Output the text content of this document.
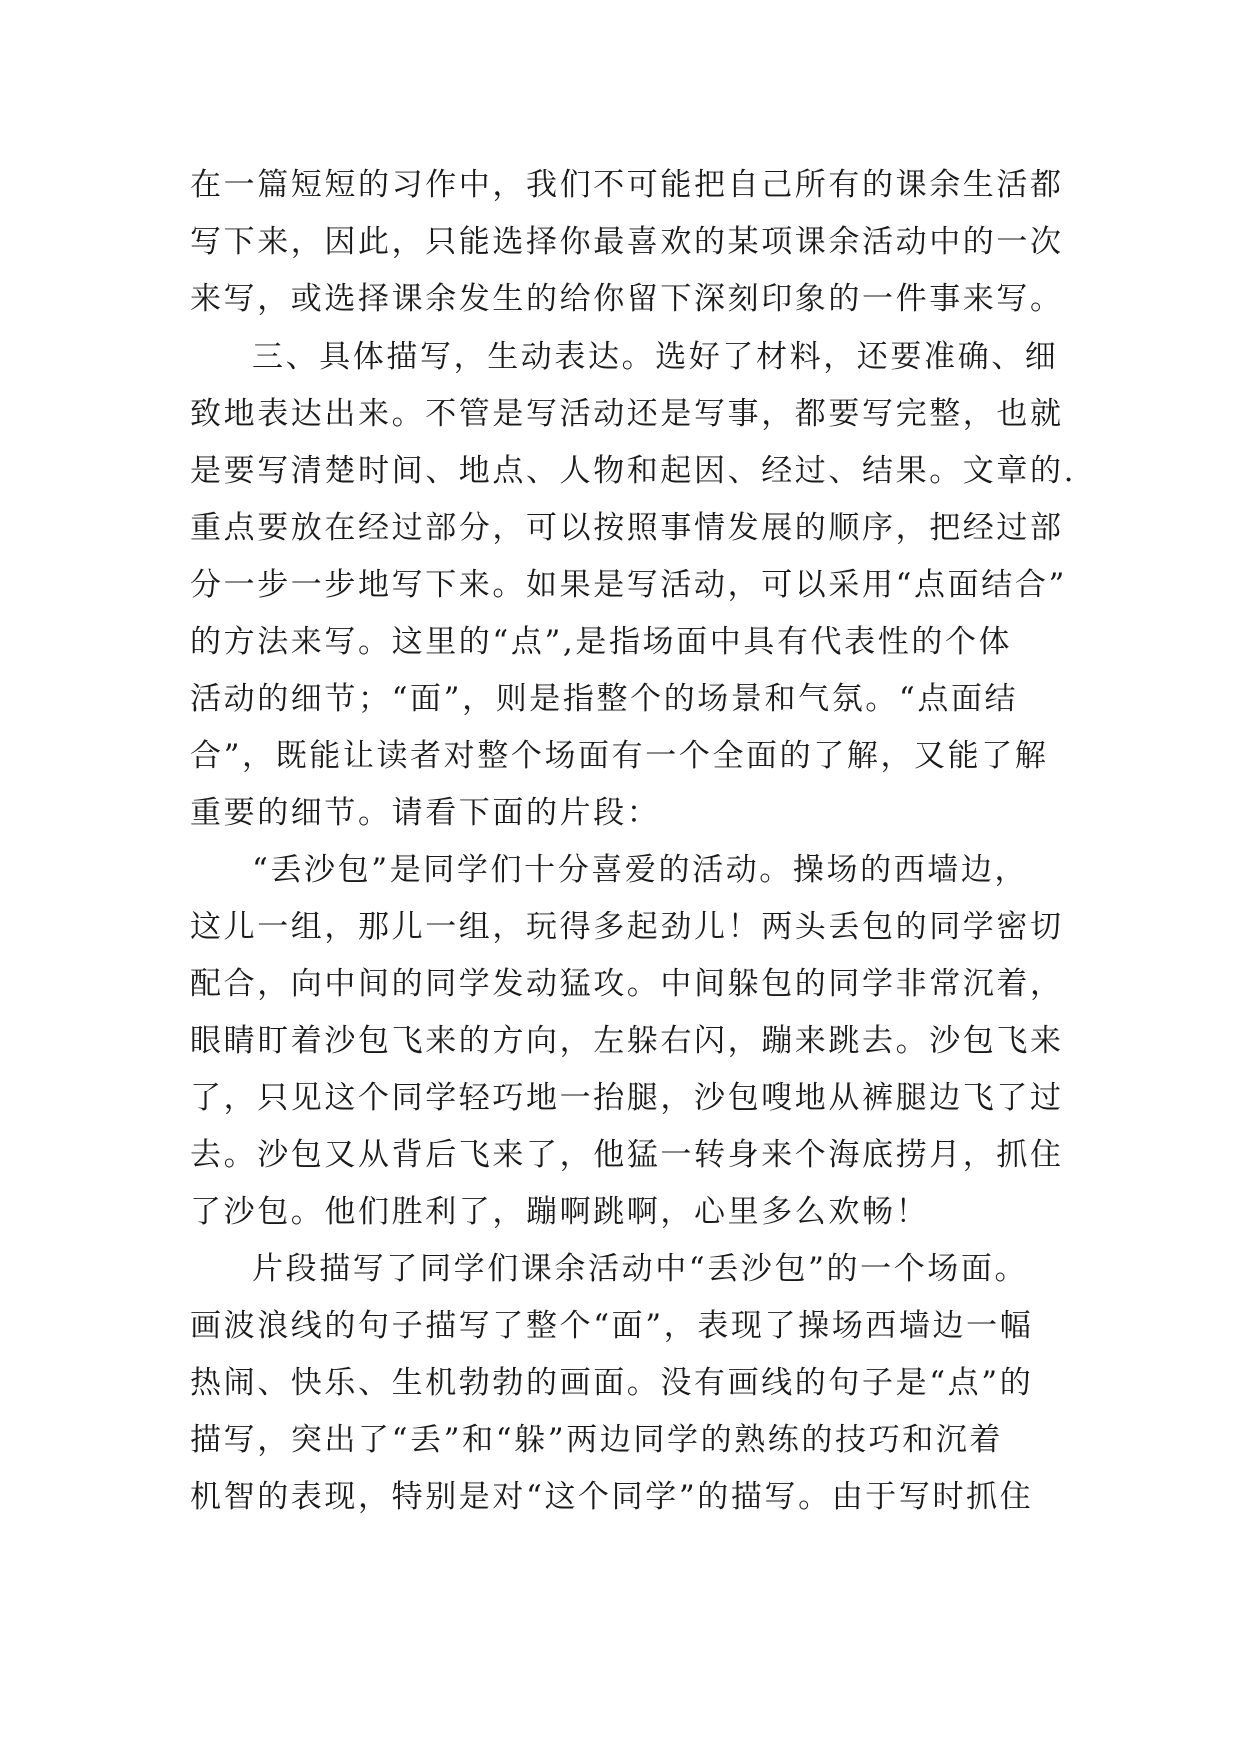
在一篇短短的习作中，我们不可能把自己所有的课余生活都
写下来，因此，只能选择你最喜欢的某项课余活动中的一次
来写，或选择课余发生的给你留下深刻印象的一件事来写。
三、具体描写，生动表达。选好了材料，还要准确、细
致地表达出来。不管是写活动还是写事，都要写完整，也就
是要写清楚时间、地点、人物和起因、经过、结果。文章的.
重点要放在经过部分，可以按照事情发展的顺序，把经过部
分一步一步地写下来。如果是写活动，可以采用“点面结合”
的方法来写。这里的“点”,是指场面中具有代表性的个体
活动的细节；“面”，则是指整个的场景和气氛。“点面结
合”，既能让读者对整个场面有一个全面的了解，又能了解
重要的细节。请看下面的片段：
“丢沙包”是同学们十分喜爱的活动。操场的西墙边，
这儿一组，那儿一组，玩得多起劲儿！两头丢包的同学密切
配合，向中间的同学发动猛攻。中间躲包的同学非常沉着，
眼睛盯着沙包飞来的方向，左躲右闪，蹦来跳去。沙包飞来
了，只见这个同学轻巧地一抬腿，沙包嗖地从裤腿边飞了过
去。沙包又从背后飞来了，他猛一转身来个海底捞月，抓住
了沙包。他们胜利了，蹦啊跳啊，心里多么欢畅！
片段描写了同学们课余活动中“丢沙包”的一个场面。
画波浪线的句子描写了整个“面”，表现了操场西墙边一幅
热闹、快乐、生机勃勃的画面。没有画线的句子是“点”的
描写，突出了“丢”和“躲”两边同学的熟练的技巧和沉着
机智的表现，特别是对“这个同学”的描写。由于写时抓住
